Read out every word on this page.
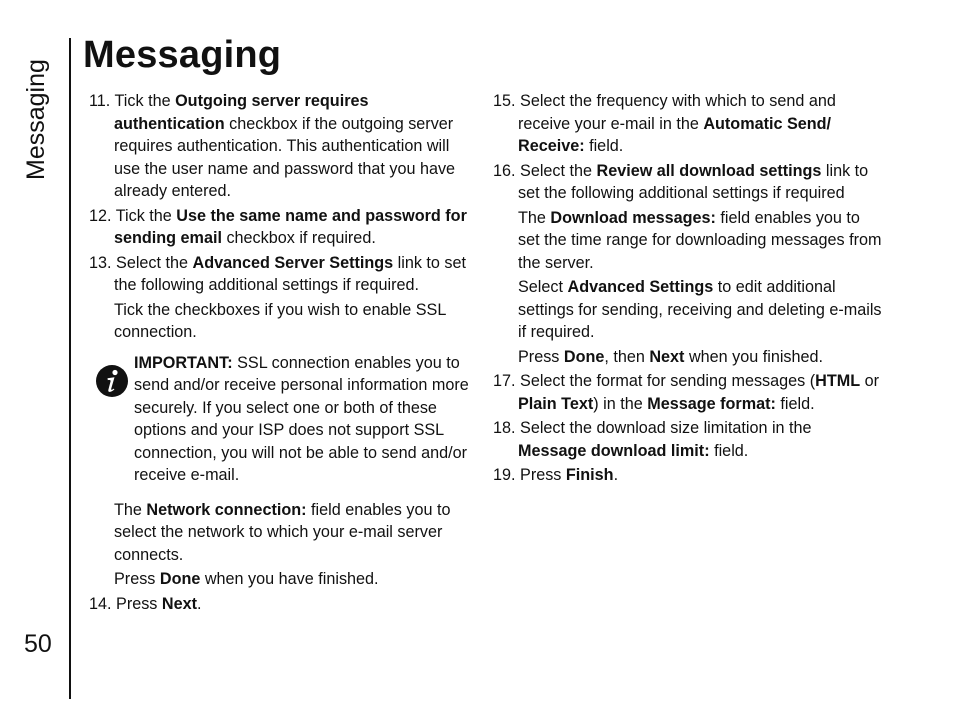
Messaging
50
Messaging
11. Tick the Outgoing server requires authentication checkbox if the outgoing server requires authentication. This authentication will use the user name and password that you have already entered.
12. Tick the Use the same name and password for sending email checkbox if required.
13. Select the Advanced Server Settings link to set the following additional settings if required.
Tick the checkboxes if you wish to enable SSL connection.
IMPORTANT: SSL connection enables you to send and/or receive personal information more securely. If you select one or both of these options and your ISP does not support SSL connection, you will not be able to send and/or receive e-mail.
The Network connection: field enables you to select the network to which your e-mail server connects.
Press Done when you have finished.
14. Press Next.
15. Select the frequency with which to send and receive your e-mail in the Automatic Send/ Receive: field.
16. Select the Review all download settings link to set the following additional settings if required
The Download messages: field enables you to set the time range for downloading messages from the server.
Select Advanced Settings to edit additional settings for sending, receiving and deleting e-mails if required.
Press Done, then Next when you finished.
17. Select the format for sending messages (HTML or Plain Text) in the Message format: field.
18. Select the download size limitation in the Message download limit: field.
19. Press Finish.
